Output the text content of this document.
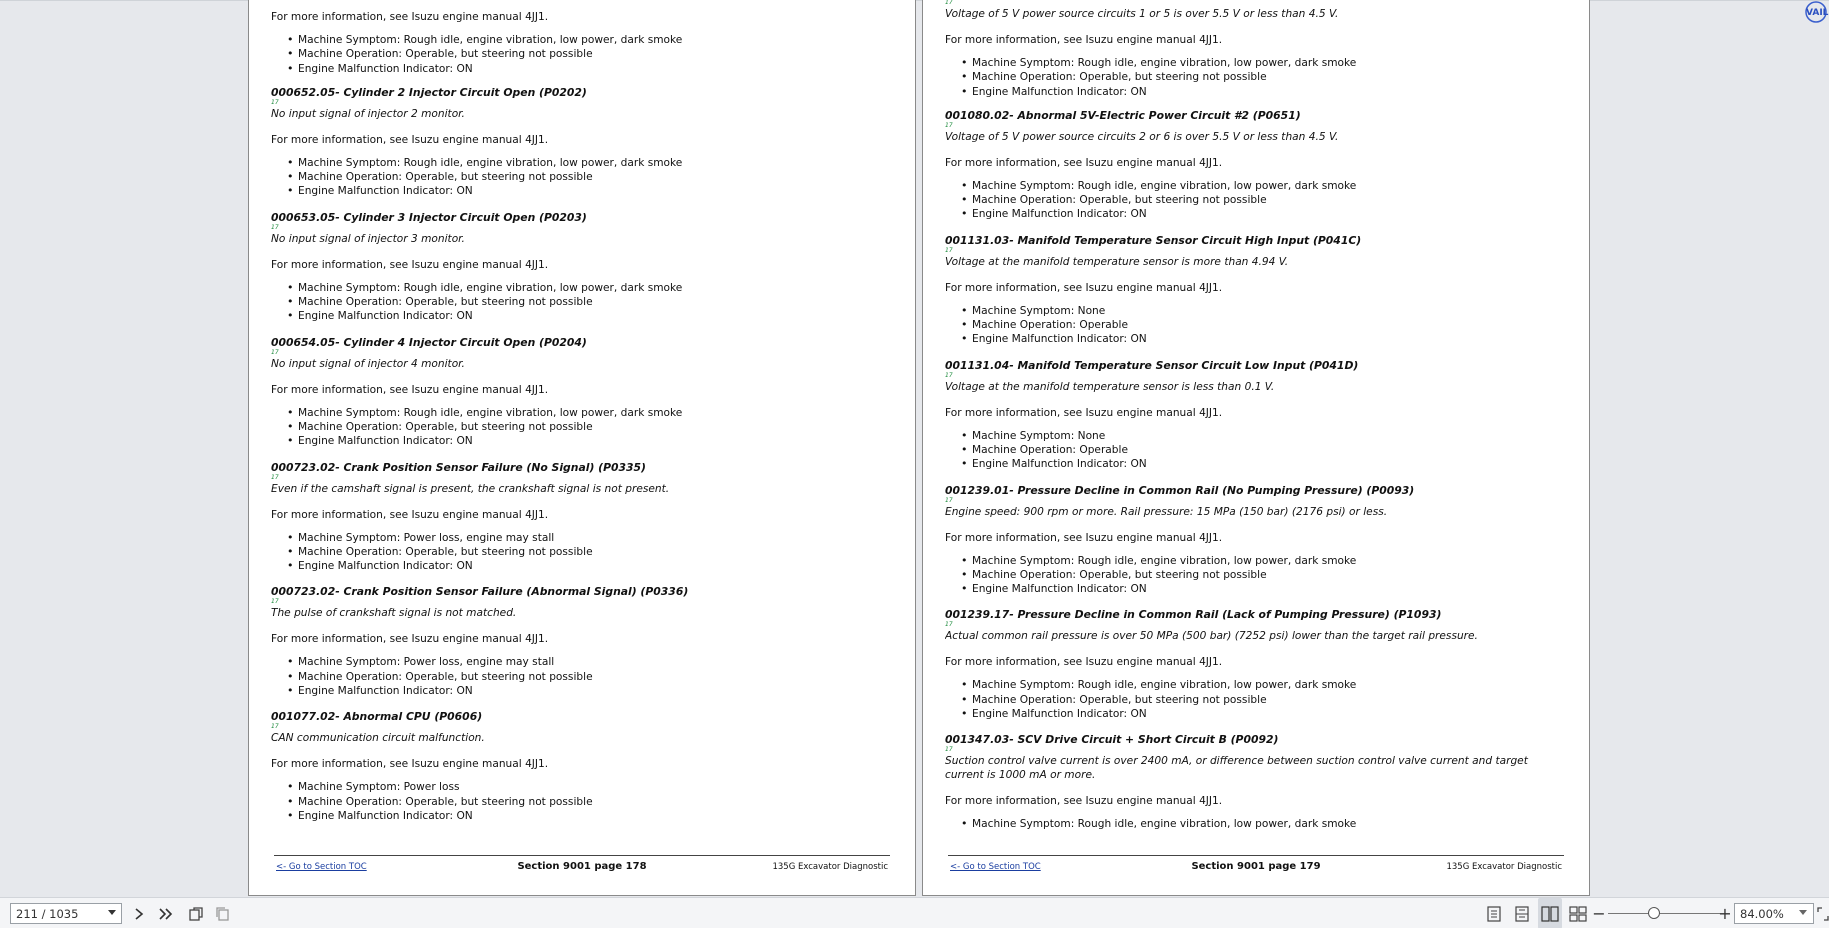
For more information, see Isuzu engine manual 4JJ1.
• Machine Symptom: Rough idle, engine vibration, low power, dark smoke
• Machine Operation: Operable, but steering not possible
• Engine Malfunction Indicator: ON
000652.05- Cylinder 2 Injector Circuit Open (P0202)
17
No input signal of injector 2 monitor.
For more information, see Isuzu engine manual 4JJ1.
• Machine Symptom: Rough idle, engine vibration, low power, dark smoke
• Machine Operation: Operable, but steering not possible
• Engine Malfunction Indicator: ON
000653.05- Cylinder 3 Injector Circuit Open (P0203)
17
No input signal of injector 3 monitor.
For more information, see Isuzu engine manual 4JJ1.
• Machine Symptom: Rough idle, engine vibration, low power, dark smoke
• Machine Operation: Operable, but steering not possible
• Engine Malfunction Indicator: ON
000654.05- Cylinder 4 Injector Circuit Open (P0204)
17
No input signal of injector 4 monitor.
For more information, see Isuzu engine manual 4JJ1.
• Machine Symptom: Rough idle, engine vibration, low power, dark smoke
• Machine Operation: Operable, but steering not possible
• Engine Malfunction Indicator: ON
000723.02- Crank Position Sensor Failure (No Signal) (P0335)
17
Even if the camshaft signal is present, the crankshaft signal is not present.
For more information, see Isuzu engine manual 4JJ1.
• Machine Symptom: Power loss, engine may stall
• Machine Operation: Operable, but steering not possible
• Engine Malfunction Indicator: ON
000723.02- Crank Position Sensor Failure (Abnormal Signal) (P0336)
17
The pulse of crankshaft signal is not matched.
For more information, see Isuzu engine manual 4JJ1.
• Machine Symptom: Power loss, engine may stall
• Machine Operation: Operable, but steering not possible
• Engine Malfunction Indicator: ON
001077.02- Abnormal CPU (P0606)
17
CAN communication circuit malfunction.
For more information, see Isuzu engine manual 4JJ1.
• Machine Symptom: Power loss
• Machine Operation: Operable, but steering not possible
• Engine Malfunction Indicator: ON
<- Go to Section TOC	Section 9001 page 178	135G Excavator Diagnostic
17
Voltage of 5 V power source circuits 1 or 5 is over 5.5 V or less than 4.5 V.
For more information, see Isuzu engine manual 4JJ1.
• Machine Symptom: Rough idle, engine vibration, low power, dark smoke
• Machine Operation: Operable, but steering not possible
• Engine Malfunction Indicator: ON
001080.02- Abnormal 5V-Electric Power Circuit #2 (P0651)
17
Voltage of 5 V power source circuits 2 or 6 is over 5.5 V or less than 4.5 V.
For more information, see Isuzu engine manual 4JJ1.
• Machine Symptom: Rough idle, engine vibration, low power, dark smoke
• Machine Operation: Operable, but steering not possible
• Engine Malfunction Indicator: ON
001131.03- Manifold Temperature Sensor Circuit High Input (P041C)
17
Voltage at the manifold temperature sensor is more than 4.94 V.
For more information, see Isuzu engine manual 4JJ1.
• Machine Symptom: None
• Machine Operation: Operable
• Engine Malfunction Indicator: ON
001131.04- Manifold Temperature Sensor Circuit Low Input (P041D)
17
Voltage at the manifold temperature sensor is less than 0.1 V.
For more information, see Isuzu engine manual 4JJ1.
• Machine Symptom: None
• Machine Operation: Operable
• Engine Malfunction Indicator: ON
001239.01- Pressure Decline in Common Rail (No Pumping Pressure) (P0093)
17
Engine speed: 900 rpm or more. Rail pressure: 15 MPa (150 bar) (2176 psi) or less.
For more information, see Isuzu engine manual 4JJ1.
• Machine Symptom: Rough idle, engine vibration, low power, dark smoke
• Machine Operation: Operable, but steering not possible
• Engine Malfunction Indicator: ON
001239.17- Pressure Decline in Common Rail (Lack of Pumping Pressure) (P1093)
17
Actual common rail pressure is over 50 MPa (500 bar) (7252 psi) lower than the target rail pressure.
For more information, see Isuzu engine manual 4JJ1.
• Machine Symptom: Rough idle, engine vibration, low power, dark smoke
• Machine Operation: Operable, but steering not possible
• Engine Malfunction Indicator: ON
001347.03- SCV Drive Circuit + Short Circuit B (P0092)
17
Suction control valve current is over 2400 mA, or difference between suction control valve current and target current is 1000 mA or more.
For more information, see Isuzu engine manual 4JJ1.
• Machine Symptom: Rough idle, engine vibration, low power, dark smoke
<- Go to Section TOC	Section 9001 page 179	135G Excavator Diagnostic
VAIL
211 / 1035	−	+ 84.00%
